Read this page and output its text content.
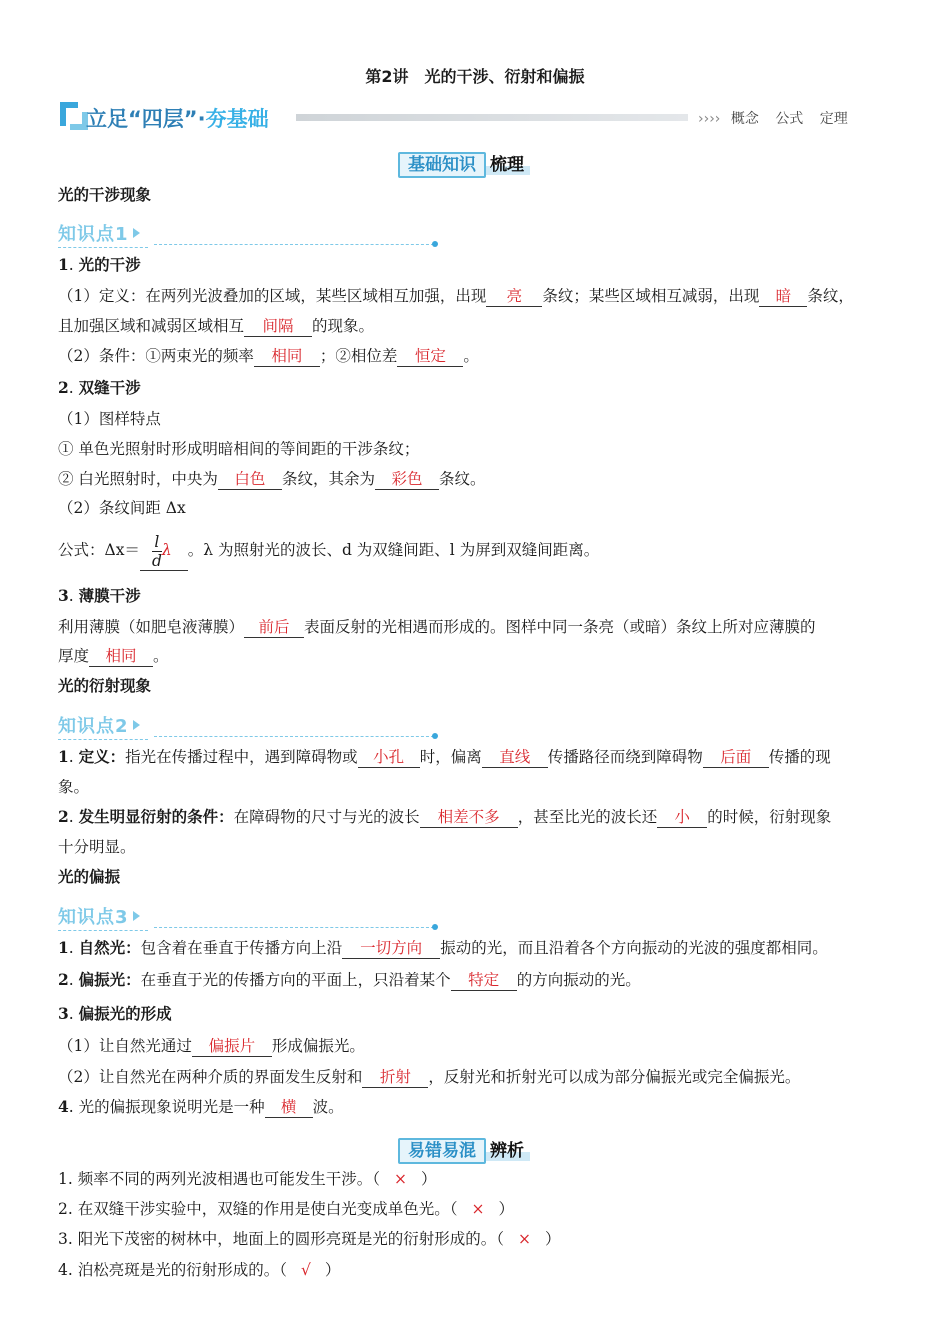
第2讲　光的干涉、衍射和偏振
立足“四层”·夯基础	›››› 概念 公式 定理
基础知识 梳理
光的干涉现象
知识点1
1. 光的干涉
（1）定义：在两列光波叠加的区域，某些区域相互加强，出现 亮 条纹；某些区域相互减弱，出现 暗 条纹，
且加强区域和减弱区域相互 间隔 的现象。
（2）条件：①两束光的频率 相同 ；②相位差 恒定 。
2. 双缝干涉
（1）图样特点
① 单色光照射时形成明暗相间的等间距的干涉条纹；
② 白光照射时，中央为 白色 条纹，其余为 彩色 条纹。
（2）条纹间距 Δx
公式：$\Delta x= \frac{l}{d}\lambda$ 。λ 为照射光的波长、d 为双缝间距、l 为屏到双缝间距离。
3. 薄膜干涉
利用薄膜（如肥皂液薄膜） 前后 表面反射的光相遇而形成的。图样中同一条亮（或暗）条纹上所对应薄膜的
厚度 相同 。
光的衍射现象
知识点2
1. 定义：指光在传播过程中，遇到障碍物或 小孔 时，偏离 直线 传播路径而绕到障碍物 后面 传播的现
象。
2. 发生明显衍射的条件：在障碍物的尺寸与光的波长 相差不多 ，甚至比光的波长还 小 的时候，衍射现象
十分明显。
光的偏振
知识点3
1. 自然光：包含着在垂直于传播方向上沿 一切方向 振动的光，而且沿着各个方向振动的光波的强度都相同。
2. 偏振光：在垂直于光的传播方向的平面上，只沿着某个 特定 的方向振动的光。
3. 偏振光的形成
（1）让自然光通过 偏振片 形成偏振光。
（2）让自然光在两种介质的界面发生反射和 折射 ，反射光和折射光可以成为部分偏振光或完全偏振光。
4. 光的偏振现象说明光是一种 横 波。
易错易混 辨析
1. 频率不同的两列光波相遇也可能发生干涉。（ × ）
2. 在双缝干涉实验中，双缝的作用是使白光变成单色光。（ × ）
3. 阳光下茂密的树林中，地面上的圆形亮斑是光的衍射形成的。（ × ）
4. 泊松亮斑是光的衍射形成的。（ √ ）
